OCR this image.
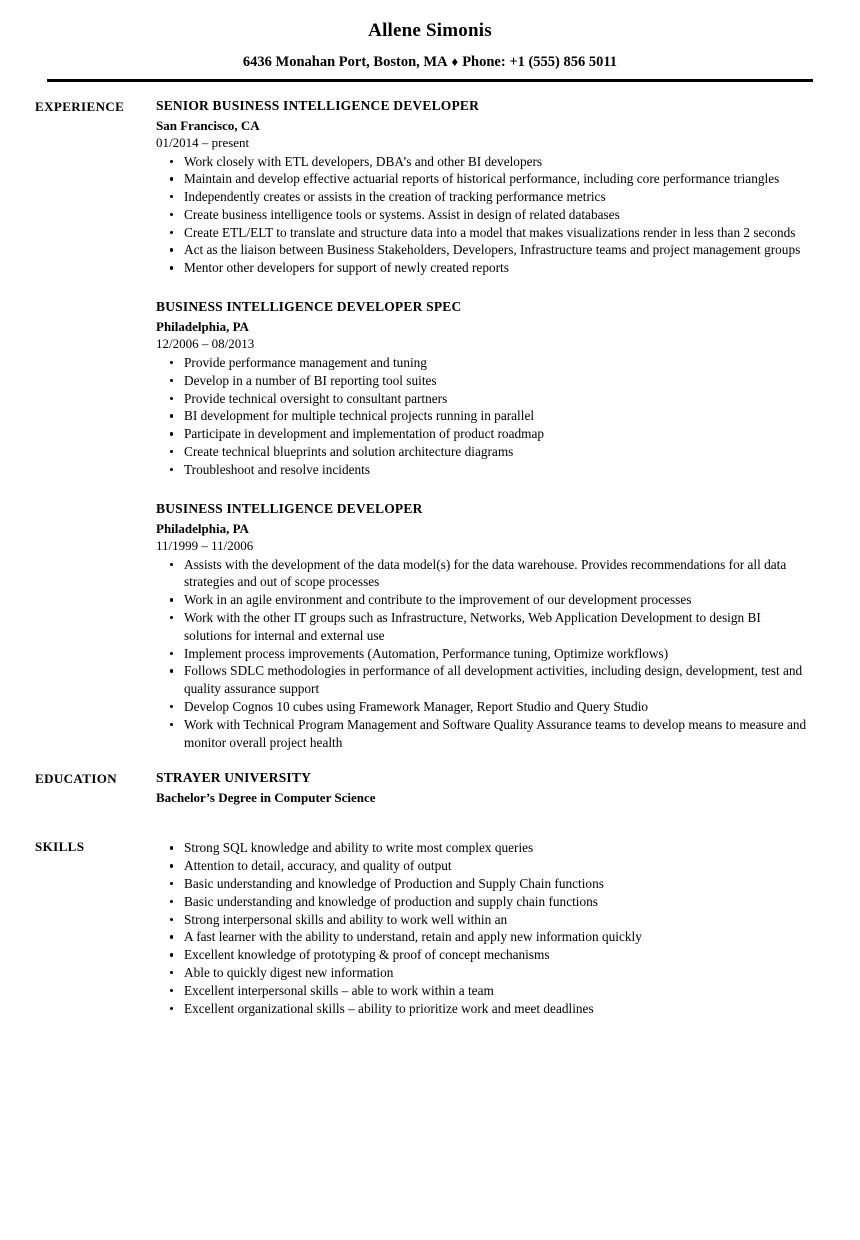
Allene Simonis
6436 Monahan Port, Boston, MA ♦ Phone: +1 (555) 856 5011
EXPERIENCE	SENIOR BUSINESS INTELLIGENCE DEVELOPER
San Francisco, CA
01/2014 – present
Work closely with ETL developers, DBA’s and other BI developers
Maintain and develop effective actuarial reports of historical performance, including core performance triangles
Independently creates or assists in the creation of tracking performance metrics
Create business intelligence tools or systems. Assist in design of related databases
Create ETL/ELT to translate and structure data into a model that makes visualizations render in less than 2 seconds
Act as the liaison between Business Stakeholders, Developers, Infrastructure teams and project management groups
Mentor other developers for support of newly created reports
BUSINESS INTELLIGENCE DEVELOPER SPEC
Philadelphia, PA
12/2006 – 08/2013
Provide performance management and tuning
Develop in a number of BI reporting tool suites
Provide technical oversight to consultant partners
BI development for multiple technical projects running in parallel
Participate in development and implementation of product roadmap
Create technical blueprints and solution architecture diagrams
Troubleshoot and resolve incidents
BUSINESS INTELLIGENCE DEVELOPER
Philadelphia, PA
11/1999 – 11/2006
Assists with the development of the data model(s) for the data warehouse. Provides recommendations for all data strategies and out of scope processes
Work in an agile environment and contribute to the improvement of our development processes
Work with the other IT groups such as Infrastructure, Networks, Web Application Development to design BI solutions for internal and external use
Implement process improvements (Automation, Performance tuning, Optimize workflows)
Follows SDLC methodologies in performance of all development activities, including design, development, test and quality assurance support
Develop Cognos 10 cubes using Framework Manager, Report Studio and Query Studio
Work with Technical Program Management and Software Quality Assurance teams to develop means to measure and monitor overall project health
EDUCATION	STRAYER UNIVERSITY
Bachelor’s Degree in Computer Science
SKILLS	Strong SQL knowledge and ability to write most complex queries
Attention to detail, accuracy, and quality of output
Basic understanding and knowledge of Production and Supply Chain functions
Basic understanding and knowledge of production and supply chain functions
Strong interpersonal skills and ability to work well within an
A fast learner with the ability to understand, retain and apply new information quickly
Excellent knowledge of prototyping & proof of concept mechanisms
Able to quickly digest new information
Excellent interpersonal skills – able to work within a team
Excellent organizational skills – ability to prioritize work and meet deadlines
